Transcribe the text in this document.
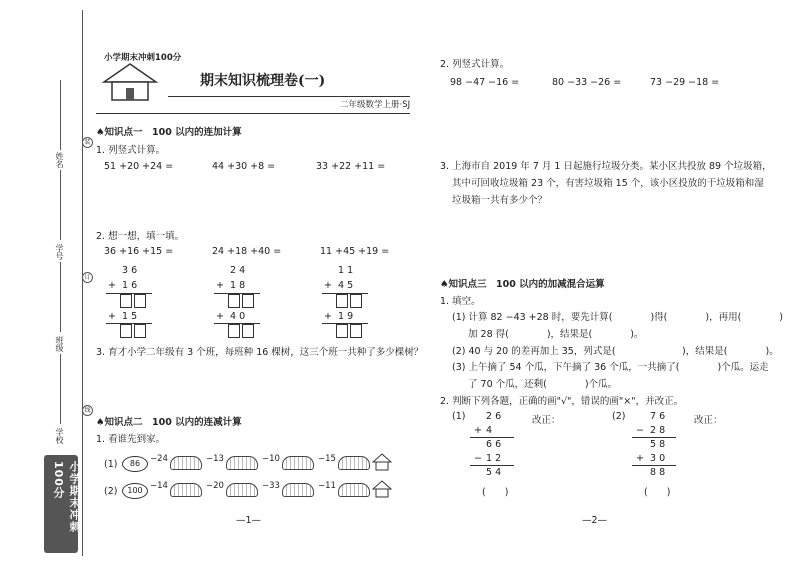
姓名
学号
班级
学校
装
订
线
小学期末冲刺100分
小学期末冲刺100分
期末知识梳理卷(一)
二年级数学上册·SJ
♠知识点一　100 以内的连加计算
1. 列竖式计算。
51 +20 +24 =	44 +30 +8 =	33 +22 +11 =
2. 想一想，填一填。
36 +16 +15 =	24 +18 +40 =	11 +45 +19 =
3 6
+ 1 6
+ 1 5
2 4
+ 1 8
+ 4 0
1 1
+ 4 5
+ 1 9
3. 育才小学二年级有 3 个班，每班种 16 棵树，这三个班一共种了多少棵树？
♠知识点二　100 以内的连减计算
1. 看谁先到家。
(1)	86	−24	−13	−10	−15
(2)	100 −14	−20	−33	−11
—1—
2. 列竖式计算。
98 −47 −16 =	80 −33 −26 =	73 −29 −18 =
3. 上海市自 2019 年 7 月 1 日起施行垃圾分类。某小区共投放 89 个垃圾箱，
其中可回收垃圾箱 23 个，有害垃圾箱 15 个，该小区投放的干垃圾箱和湿
垃圾箱一共有多少个？
♠知识点三　100 以内的加减混合运算
1. 填空。
(1) 计算 82 −43 +28 时，要先计算(　　　　)得(　　　　)，再用(　　　　)
加 28 得(　　　　)，结果是(　　　　)。
(2) 40 与 20 的差再加上 35，列式是(　　　　　　　)，结果是(　　　　)。
(3) 上午摘了 54 个瓜，下午摘了 36 个瓜，一共摘了(　　　　)个瓜。运走
了 70 个瓜，还剩(　　　　)个瓜。
2. 判断下列各题，正确的画"√"，错误的画"×"，并改正。
(1)	改正：
2 6
+ 4
6 6
− 1 2
5 4
(　　)
(2)	改正：
7 6
− 2 8
5 8
+ 3 0
8 8
(　　)
—2—
